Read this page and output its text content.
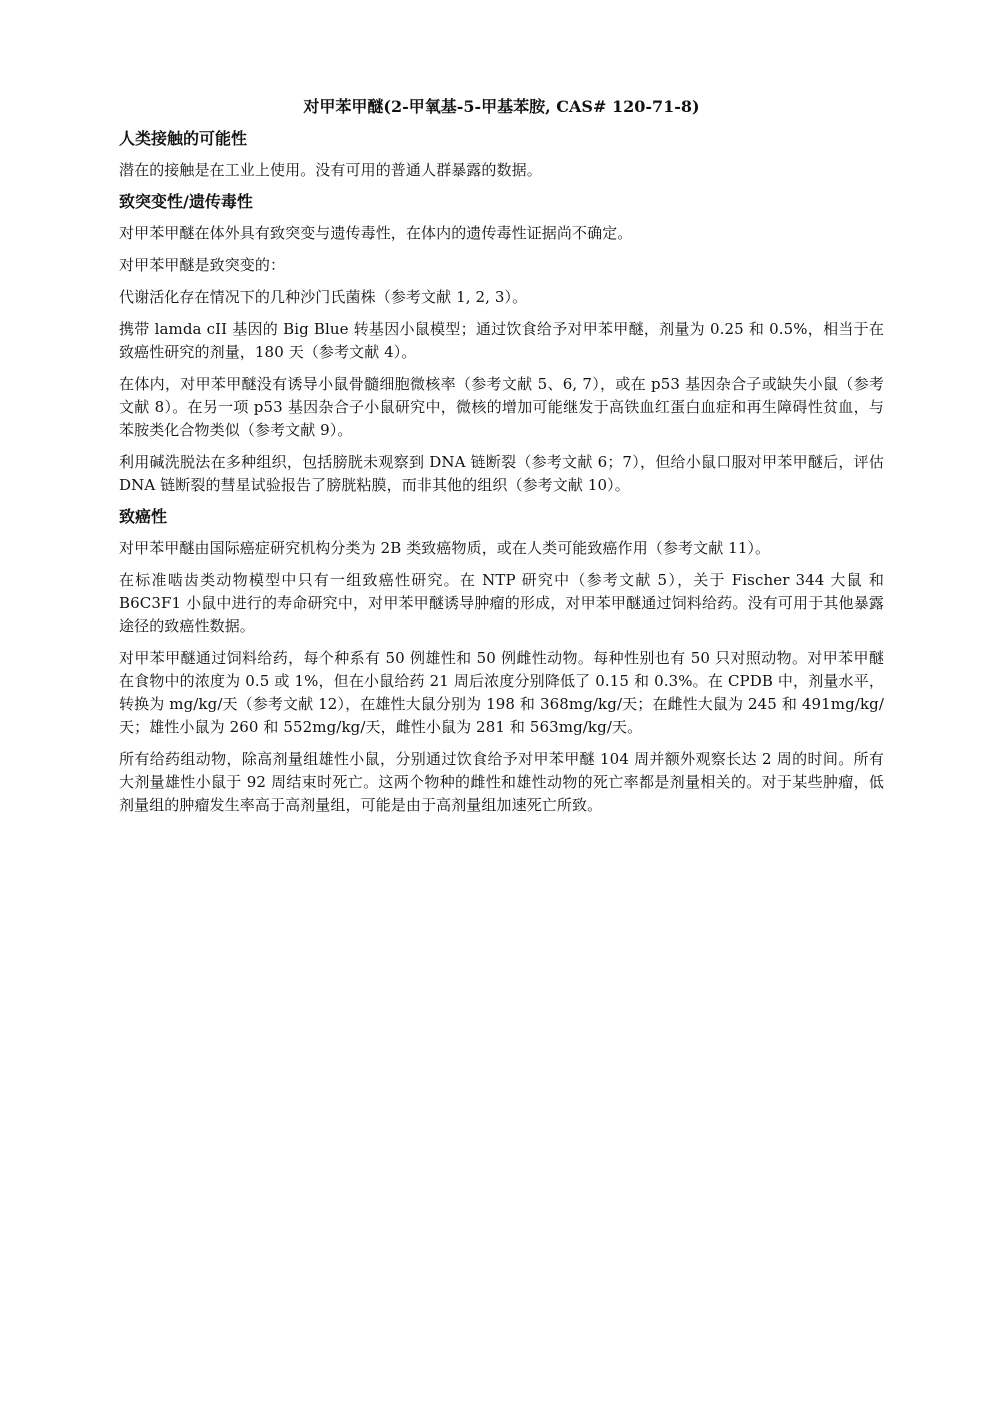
对甲苯甲醚(2-甲氧基-5-甲基苯胺, CAS# 120-71-8)
人类接触的可能性

潜在的接触是在工业上使用。没有可用的普通人群暴露的数据。

致突变性/遗传毒性

对甲苯甲醚在体外具有致突变与遗传毒性，在体内的遗传毒性证据尚不确定。

对甲苯甲醚是致突变的：

代谢活化存在情况下的几种沙门氏菌株（参考文献 1, 2, 3）。

携带 lamda cII 基因的 Big Blue 转基因小鼠模型；通过饮食给予对甲苯甲醚，剂量为 0.25 和 0.5%，相当于在致癌性研究的剂量，180 天（参考文献 4）。

在体内，对甲苯甲醚没有诱导小鼠骨髓细胞微核率（参考文献 5、6, 7），或在 p53 基因杂合子或缺失小鼠（参考文献 8）。在另一项 p53 基因杂合子小鼠研究中，微核的增加可能继发于高铁血红蛋白血症和再生障碍性贫血，与苯胺类化合物类似（参考文献 9）。

利用碱洗脱法在多种组织，包括膀胱未观察到 DNA 链断裂（参考文献 6；7），但给小鼠口服对甲苯甲醚后，评估 DNA 链断裂的彗星试验报告了膀胱粘膜，而非其他的组织（参考文献 10）。

致癌性

对甲苯甲醚由国际癌症研究机构分类为 2B 类致癌物质，或在人类可能致癌作用（参考文献 11）。

在标准啮齿类动物模型中只有一组致癌性研究。在 NTP 研究中（参考文献 5），关于 Fischer 344 大鼠 和 B6C3F1 小鼠中进行的寿命研究中，对甲苯甲醚诱导肿瘤的形成，对甲苯甲醚通过饲料给药。没有可用于其他暴露途径的致癌性数据。

对甲苯甲醚通过饲料给药，每个种系有 50 例雄性和 50 例雌性动物。每种性别也有 50 只对照动物。对甲苯甲醚在食物中的浓度为 0.5 或 1%，但在小鼠给药 21 周后浓度分别降低了 0.15 和 0.3%。在 CPDB 中，剂量水平，转换为 mg/kg/天（参考文献 12），在雄性大鼠分别为 198 和 368mg/kg/天；在雌性大鼠为 245 和 491mg/kg/天；雄性小鼠为 260 和 552mg/kg/天，雌性小鼠为 281 和 563mg/kg/天。

所有给药组动物，除高剂量组雄性小鼠，分别通过饮食给予对甲苯甲醚 104 周并额外观察长达 2 周的时间。所有大剂量雄性小鼠于 92 周结束时死亡。这两个物种的雌性和雄性动物的死亡率都是剂量相关的。对于某些肿瘤，低剂量组的肿瘤发生率高于高剂量组，可能是由于高剂量组加速死亡所致。
